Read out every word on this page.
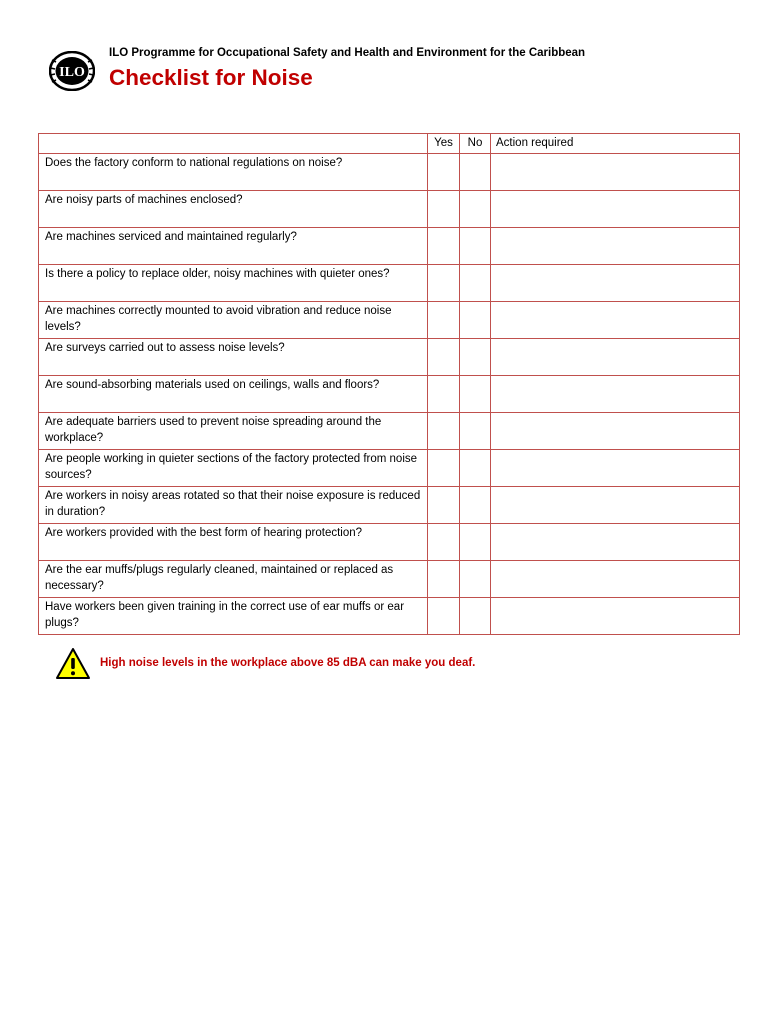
ILO
ILO Programme for Occupational Safety and Health and Environment for the Caribbean
Checklist for Noise
	Yes	No	Action required
Does the factory conform to national regulations on noise?			
Are noisy parts of machines enclosed?			
Are machines serviced and maintained regularly?			
Is there a policy to replace older, noisy machines with quieter ones?			
Are machines correctly mounted to avoid vibration and reduce noise levels?			
Are surveys carried out to assess noise levels?			
Are sound-absorbing materials used on ceilings, walls and floors?			
Are adequate barriers used to prevent noise spreading around the workplace?			
Are people working in quieter sections of the factory protected from noise sources?			
Are workers in noisy areas rotated so that their noise exposure is reduced in duration?			
Are workers provided with the best form of hearing protection?			
Are the ear muffs/plugs regularly cleaned, maintained or replaced as necessary?			
Have workers been given training in the correct use of ear muffs or ear plugs?			
High noise levels in the workplace above 85 dBA can make you deaf.
